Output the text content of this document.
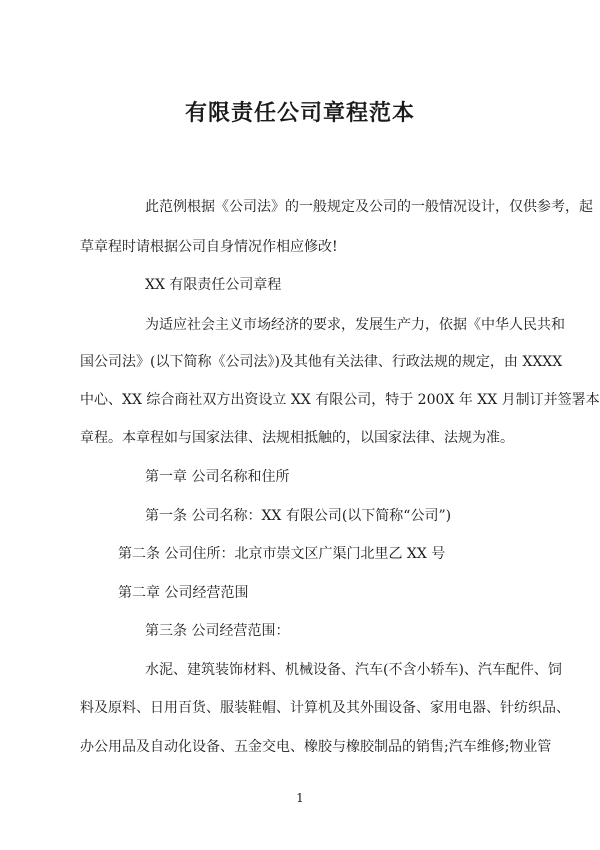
有限责任公司章程范本
此范例根据《公司法》的一般规定及公司的一般情况设计，仅供参考，起
草章程时请根据公司自身情况作相应修改!
XX 有限责任公司章程
为适应社会主义市场经济的要求，发展生产力，依据《中华人民共和
国公司法》(以下简称《公司法》)及其他有关法律、行政法规的规定，由 XXXX
中心、XX 综合商社双方出资设立 XX 有限公司，特于 200X 年 XX 月制订并签署本
章程。本章程如与国家法律、法规相抵触的，以国家法律、法规为准。
第一章 公司名称和住所
第一条 公司名称：XX 有限公司(以下简称“公司”)
第二条 公司住所：北京市崇文区广渠门北里乙 XX 号
第二章 公司经营范围
第三条 公司经营范围：
水泥、建筑装饰材料、机械设备、汽车(不含小轿车)、汽车配件、饲
料及原料、日用百货、服装鞋帽、计算机及其外围设备、家用电器、针纺织品、
办公用品及自动化设备、五金交电、橡胶与橡胶制品的销售;汽车维修;物业管
1
